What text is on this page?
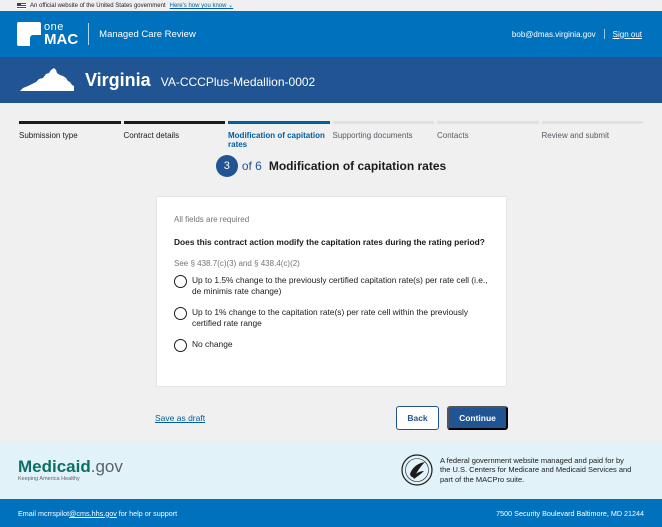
An official website of the United States government Here's how you know ⌄
one
MAC Managed Care Review	bob@dmas.virginia.gov Sign out
Virginia VA-CCCPlus-Medallion-0002
Submission type	Contract details	Modification of capitation rates
Supporting documents	Contacts	Review and submit
3 of 6 Modification of capitation rates
All fields are required
Does this contract action modify the capitation rates during the rating period?
See § 438.7(c)(3) and § 438.4(c)(2)
Up to 1.5% change to the previously certified capitation rate(s) per rate cell (i.e., de minimis rate change)
Up to 1% change to the capitation rate(s) per rate cell within the previously certified rate range
No change
Save as draft	Back	Continue
Medicaid.gov
Keeping America Healthy
A federal government website managed and paid for by the U.S. Centers for Medicare and Medicaid Services and part of the MACPro suite.
Email mcrrspilot@cms.hhs.gov for help or support	7500 Security Boulevard Baltimore, MD 21244
